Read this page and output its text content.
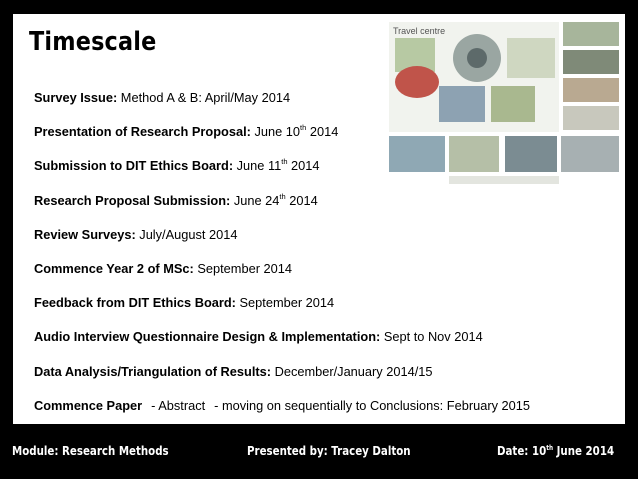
Timescale	Travel centre
Survey Issue: Method A & B: April/May 2014
Presentation of Research Proposal: June 10th 2014
Submission to DIT Ethics Board: June 11th 2014
Research Proposal Submission: June 24th 2014
Review Surveys: July/August 2014
Commence Year 2 of MSc: September 2014
Feedback from DIT Ethics Board: September 2014
Audio Interview Questionnaire Design & Implementation: Sept to Nov 2014
Data Analysis/Triangulation of Results: December/January 2014/15
Commence Paper - Abstract - moving on sequentially to Conclusions: February 2015
Module: Research Methods	Presented by: Tracey Dalton	Date: 10th June 2014
